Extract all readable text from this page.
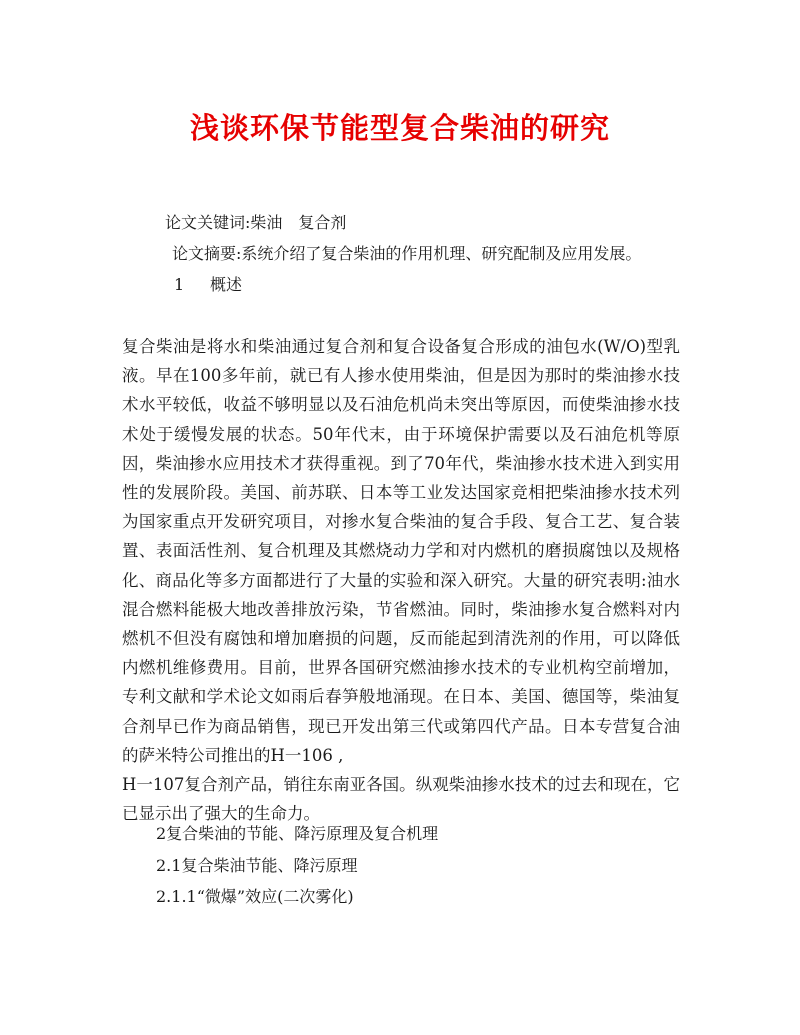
浅谈环保节能型复合柴油的研究
论文关键词:柴油　复合剂
论文摘要:系统介绍了复合柴油的作用机理、研究配制及应用发展。
1 概述

复合柴油是将水和柴油通过复合剂和复合设备复合形成的油包水(W/O)型乳液。早在100多年前，就已有人掺水使用柴油，但是因为那时的柴油掺水技术水平较低，收益不够明显以及石油危机尚未突出等原因，而使柴油掺水技术处于缓慢发展的状态。50年代末，由于环境保护需要以及石油危机等原因，柴油掺水应用技术才获得重视。到了70年代，柴油掺水技术进入到实用性的发展阶段。美国、前苏联、日本等工业发达国家竞相把柴油掺水技术列为国家重点开发研究项目，对掺水复合柴油的复合手段、复合工艺、复合装置、表面活性剂、复合机理及其燃烧动力学和对内燃机的磨损腐蚀以及规格化、商品化等多方面都进行了大量的实验和深入研究。大量的研究表明:油水混合燃料能极大地改善排放污染，节省燃油。同时，柴油掺水复合燃料对内燃机不但没有腐蚀和增加磨损的问题，反而能起到清洗剂的作用，可以降低内燃机维修费用。目前，世界各国研究燃油掺水技术的专业机构空前增加，专利文献和学术论文如雨后春笋般地涌现。在日本、美国、德国等，柴油复合剂早已作为商品销售，现已开发出第三代或第四代产品。日本专营复合油的萨米特公司推出的H一106 ,

H一107复合剂产品，销往东南亚各国。纵观柴油掺水技术的过去和现在，它已显示出了强大的生命力。

2复合柴油的节能、降污原理及复合机理
2.1复合柴油节能、降污原理
2.1.1“微爆”效应(二次雾化)
